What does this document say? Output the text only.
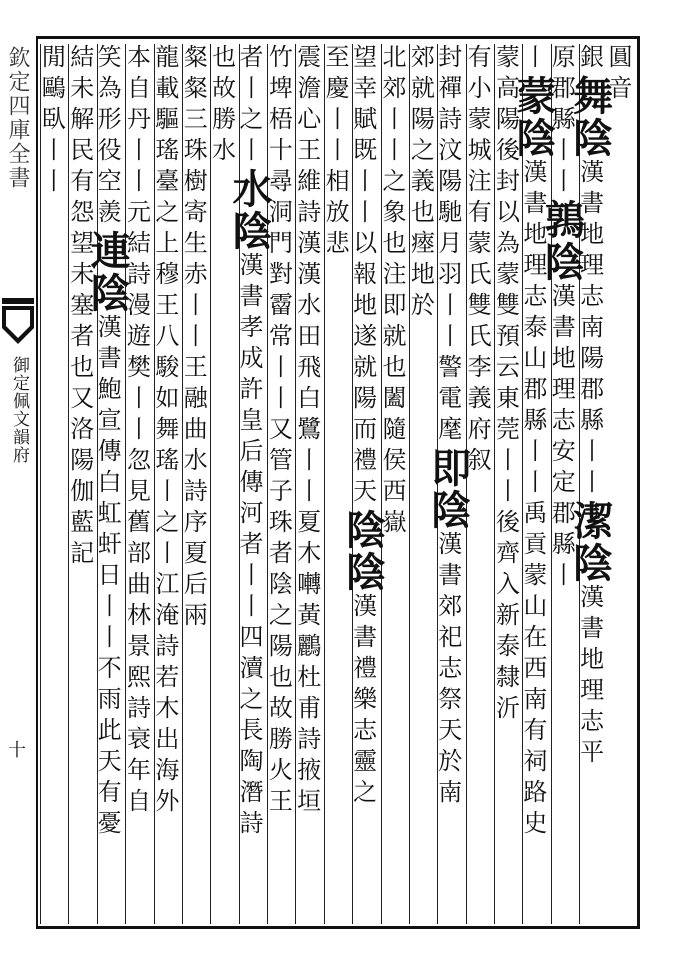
欽定四庫全書
御定佩文韻府
十
圓音
銀舞陰漢書地理志南陽郡縣丨丨潔陰漢書地理志平
原郡縣丨丨鶉陰漢書地理志安定郡縣丨
丨蒙陰漢書地理志泰山郡縣丨丨禹貢蒙山在西南有祠路史
蒙高陽後封以為蒙雙預云東莞丨丨後齊入新泰隸沂
有小蒙城注有蒙氏雙氏李義府叙
封禪詩汶陽馳月羽丨丨警電麾即陰漢書郊祀志祭天於南
郊就陽之義也瘞地於
北郊丨丨之象也注即就也闔隨侯西嶽
望幸賦既丨丨以報地遂就陽而禮天陰陰漢書禮樂志靈之
至慶丨丨相放悲
震澹心王維詩漢漢水田飛白鷺丨丨夏木囀黃鸝杜甫詩掖垣
竹埤梧十尋洞門對霤常丨丨又管子珠者陰之陽也故勝火王
者丨之丨水陰漢書孝成許皇后傳河者丨丨四瀆之長陶潛詩
也故勝水
粲粲三珠樹寄生赤丨丨王融曲水詩序夏后兩
龍載驅瑤臺之上穆王八駿如舞瑤丨之丨江淹詩若木出海外
本自丹丨丨元結詩漫遊樊丨丨忽見舊部曲林景熙詩衰年自
笑為形役空羨連陰漢書鮑宣傳白虹虷日丨丨不雨此天有憂
結未解民有怨望未塞者也又洛陽伽藍記
閒鷗臥丨丨
